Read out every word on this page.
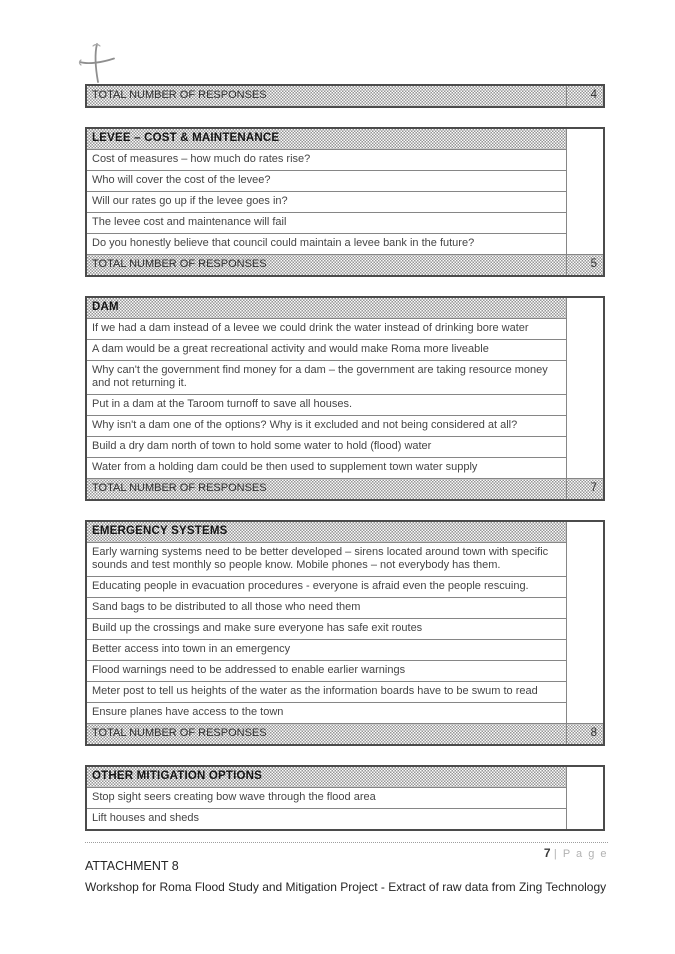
TOTAL NUMBER OF RESPONSES	4
LEVEE – COST & MAINTENANCE	
Cost of measures – how much do rates rise?	
Who will cover the cost of the levee?	
Will our rates go up if the levee goes in?	
The levee cost and maintenance will fail	
Do you honestly believe that council could maintain a levee bank in the future?	
TOTAL NUMBER OF RESPONSES	5
DAM	
If we had a dam instead of a levee we could drink the water instead of drinking bore water	
A dam would be a great recreational activity and would make Roma more liveable	
Why can't the government find money for a dam – the government are taking resource money and not returning it.	
Put in a dam at the Taroom turnoff to save all houses.	
Why isn't a dam one of the options? Why is it excluded and not being considered at all?	
Build a dry dam north of town to hold some water to hold (flood) water	
Water from a holding dam could be then used to supplement town water supply	
TOTAL NUMBER OF RESPONSES	7
EMERGENCY SYSTEMS	
Early warning systems need to be better developed – sirens located around town with specific sounds and test monthly so people know. Mobile phones – not everybody has them.	
Educating people in evacuation procedures - everyone is afraid even the people rescuing.	
Sand bags to be distributed to all those who need them	
Build up the crossings and make sure everyone has safe exit routes	
Better access into town in an emergency	
Flood warnings need to be addressed to enable earlier warnings	
Meter post to tell us heights of the water as the information boards have to be swum to read	
Ensure planes have access to the town	
TOTAL NUMBER OF RESPONSES	8
OTHER MITIGATION OPTIONS	
Stop sight seers creating bow wave through the flood area
Lift houses and sheds
7 | P a g e
ATTACHMENT 8
Workshop for Roma Flood Study and Mitigation Project - Extract of raw data from Zing Technology
